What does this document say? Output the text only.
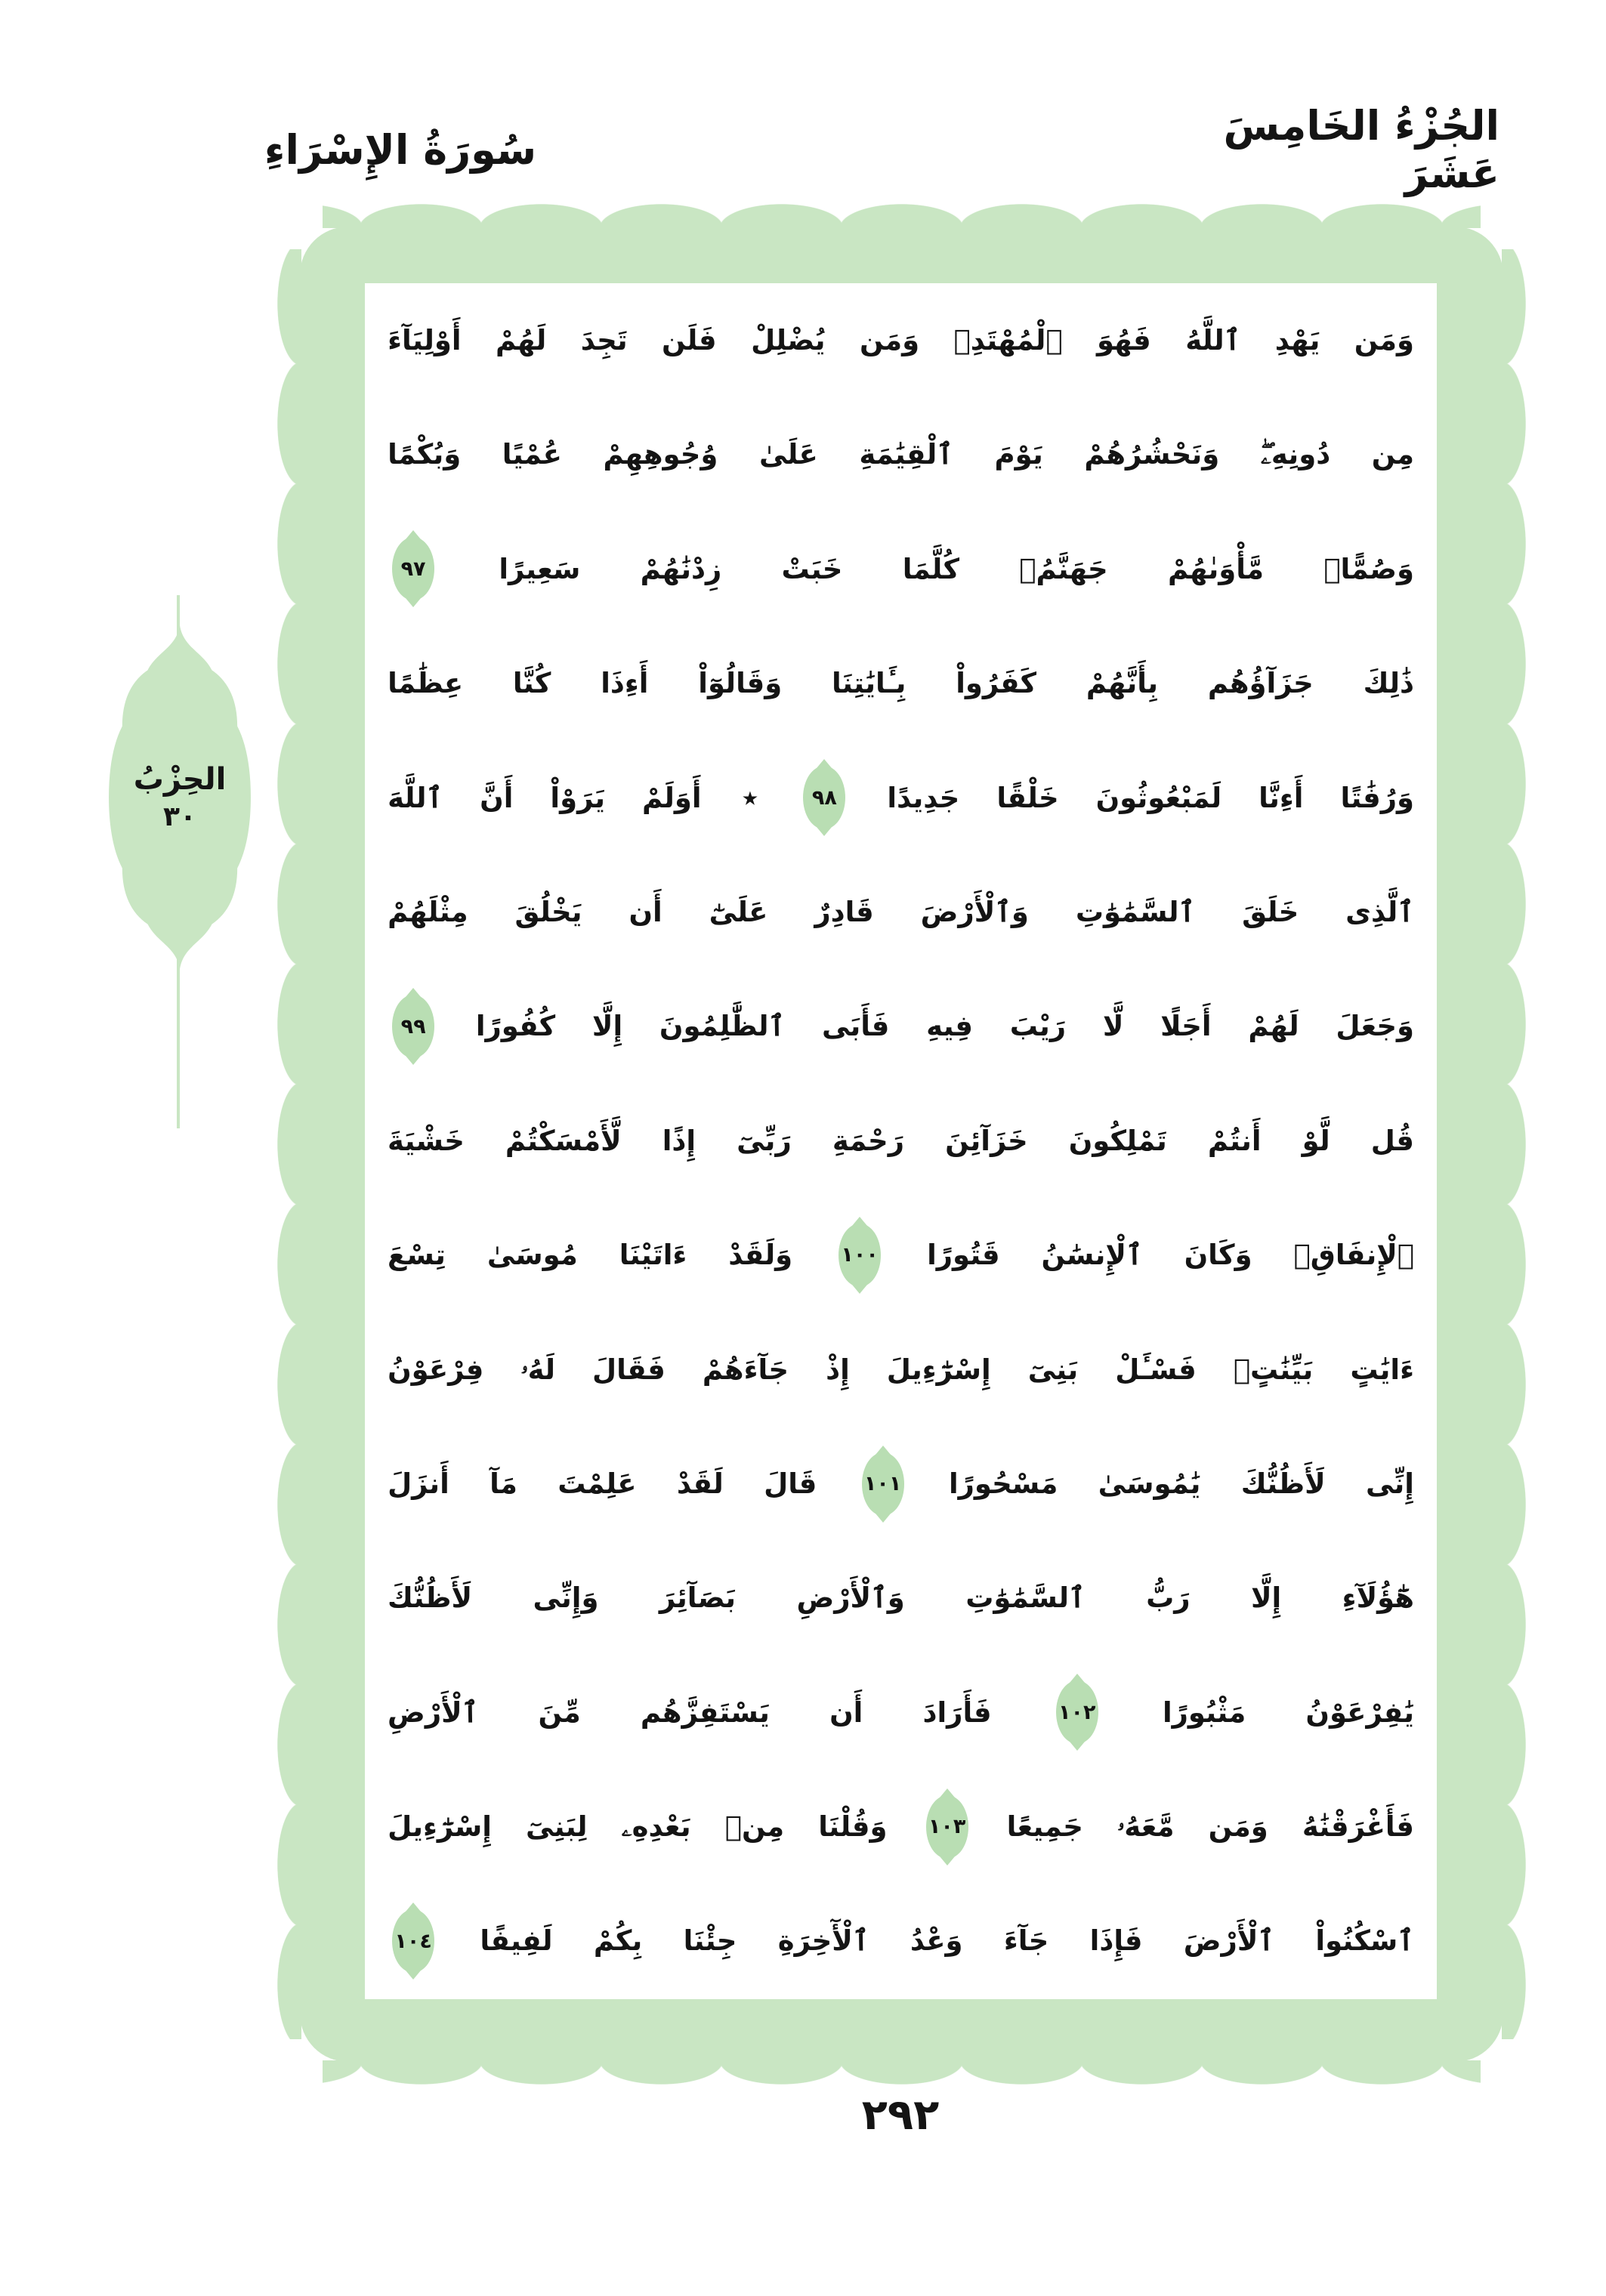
سُورَةُ الإِسْرَاءِ	الجُزْءُ الخَامِسَ عَشَرَ
وَمَن
يَهْدِ
ٱللَّهُ
فَهُوَ
ٱلْمُهْتَدِۖ
وَمَن
يُضْلِلْ
فَلَن
تَجِدَ
لَهُمْ
أَوْلِيَآءَ
مِن
دُونِهِۦۖ
وَنَحْشُرُهُمْ
يَوْمَ
ٱلْقِيَٰمَةِ
عَلَىٰ
وُجُوهِهِمْ
عُمْيًا
وَبُكْمًا
وَصُمًّاۖ
مَّأْوَىٰهُمْ
جَهَنَّمُۖ
كُلَّمَا
خَبَتْ
زِدْنَٰهُمْ
سَعِيرًا
٩٧
ذَٰلِكَ
جَزَآؤُهُم
بِأَنَّهُمْ
كَفَرُواْ
بِـَٔايَٰتِنَا
وَقَالُوٓاْ
أَءِذَا
كُنَّا
عِظَٰمًا
وَرُفَٰتًا
أَءِنَّا
لَمَبْعُوثُونَ
خَلْقًا
جَدِيدًا
٩٨
٭
أَوَلَمْ
يَرَوْاْ
أَنَّ
ٱللَّهَ
ٱلَّذِى
خَلَقَ
ٱلسَّمَٰوَٰتِ
وَٱلْأَرْضَ
قَادِرٌ
عَلَىٰٓ
أَن
يَخْلُقَ
مِثْلَهُمْ
وَجَعَلَ
لَهُمْ
أَجَلًا
لَّا
رَيْبَ
فِيهِ
فَأَبَى
ٱلظَّٰلِمُونَ
إِلَّا
كُفُورًا
٩٩
قُل
لَّوْ
أَنتُمْ
تَمْلِكُونَ
خَزَآئِنَ
رَحْمَةِ
رَبِّىٓ
إِذًا
لَّأَمْسَكْتُمْ
خَشْيَةَ
ٱلْإِنفَاقِۚ
وَكَانَ
ٱلْإِنسَٰنُ
قَتُورًا
١٠٠
وَلَقَدْ
ءَاتَيْنَا
مُوسَىٰ
تِسْعَ
ءَايَٰتٍ
بَيِّنَٰتٍۖ
فَسْـَٔلْ
بَنِىٓ
إِسْرَٰٓءِيلَ
إِذْ
جَآءَهُمْ
فَقَالَ
لَهُۥ
فِرْعَوْنُ
إِنِّى
لَأَظُنُّكَ
يَٰمُوسَىٰ
مَسْحُورًا
١٠١
قَالَ
لَقَدْ
عَلِمْتَ
مَآ
أَنزَلَ
هَٰٓؤُلَآءِ
إِلَّا
رَبُّ
ٱلسَّمَٰوَٰتِ
وَٱلْأَرْضِ
بَصَآئِرَ
وَإِنِّى
لَأَظُنُّكَ
يَٰفِرْعَوْنُ
مَثْبُورًا
١٠٢
فَأَرَادَ
أَن
يَسْتَفِزَّهُم
مِّنَ
ٱلْأَرْضِ
فَأَغْرَقْنَٰهُ
وَمَن
مَّعَهُۥ
جَمِيعًا
١٠٣
وَقُلْنَا
مِنۢ
بَعْدِهِۦ
لِبَنِىٓ
إِسْرَٰٓءِيلَ
ٱسْكُنُواْ
ٱلْأَرْضَ
فَإِذَا
جَآءَ
وَعْدُ
ٱلْأٓخِرَةِ
جِئْنَا
بِكُمْ
لَفِيفًا
١٠٤
الحِزْبُ
٣٠
٢٩٢
